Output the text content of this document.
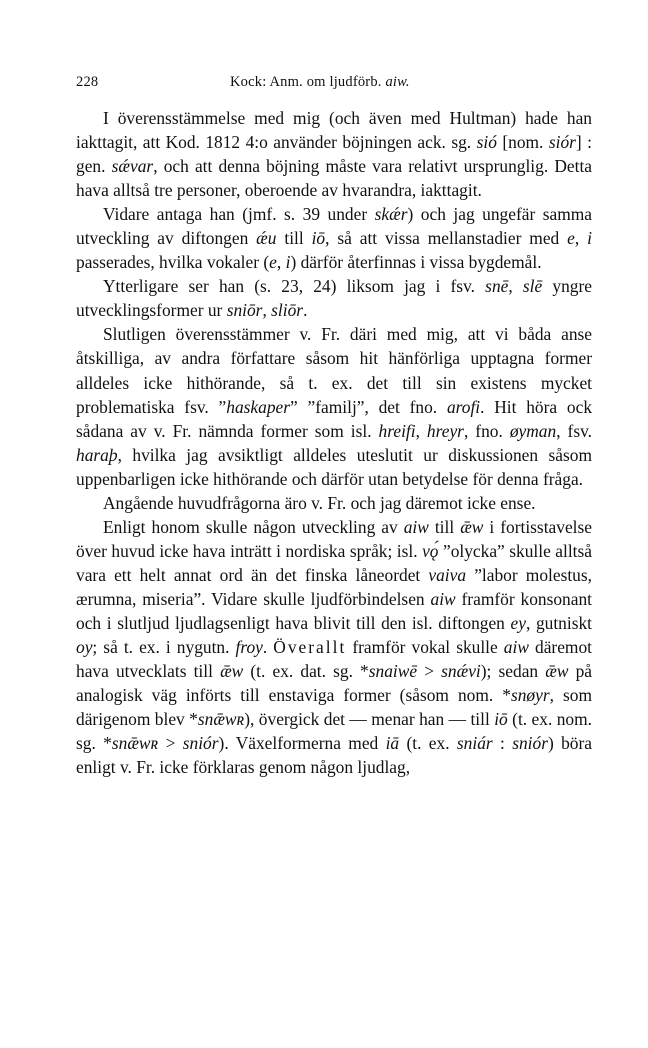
228	Kock: Anm. om ljudförb. aiw.

I överensstämmelse med mig (och även med Hultman) hade han iakttagit, att Kod. 1812 4:o använder böjningen ack. sg. sió [nom. siór] : gen. sǽvar, och att denna böjning måste vara relativt ursprunglig. Detta hava alltså tre personer, oberoende av hvarandra, iakttagit.

Vidare antaga han (jmf. s. 39 under skǽr) och jag ungefär samma utveckling av diftongen ǽu till iō, så att vissa mellanstadier med e, i passerades, hvilka vokaler (e, i) därför återfinnas i vissa bygdemål.

Ytterligare ser han (s. 23, 24) liksom jag i fsv. snē, slē yngre utvecklingsformer ur sniōr, sliōr.

Slutligen överensstämmer v. Fr. däri med mig, att vi båda anse åtskilliga, av andra författare såsom hit hänförliga upptagna former alldeles icke hithörande, så t. ex. det till sin existens mycket problematiska fsv. ”haskaper” ”familj”, det fno. arofi. Hit höra ock sådana av v. Fr. nämnda former som isl. hreifi, hreyr, fno. øyman, fsv. haraþ, hvilka jag avsiktligt alldeles uteslutit ur diskussionen såsom uppenbarligen icke hithörande och därför utan betydelse för denna fråga.

Angående huvudfrågorna äro v. Fr. och jag däremot icke ense.

Enligt honom skulle någon utveckling av aiw till ǣw i fortisstavelse över huvud icke hava inträtt i nordiska språk; isl. vǫ́ ”olycka” skulle alltså vara ett helt annat ord än det finska låneordet vaiva ”labor molestus, ærumna, miseria”. Vidare skulle ljudförbindelsen aiw framför konsonant och i slutljud ljudlagsenligt hava blivit till den isl. diftongen ey, gutniskt oy; så t. ex. i nygutn. froy. Överallt framför vokal skulle aiw däremot hava utvecklats till ǣw (t. ex. dat. sg. *snaiwē > snǽvi); sedan ǣw på analogisk väg införts till enstaviga former (såsom nom. *snøyr, som därigenom blev *snǣwʀ), övergick det — menar han — till iō (t. ex. nom. sg. *snǣwʀ > sniór). Växelformerna med iā (t. ex. sniár : sniór) böra enligt v. Fr. icke förklaras genom någon ljudlag,
